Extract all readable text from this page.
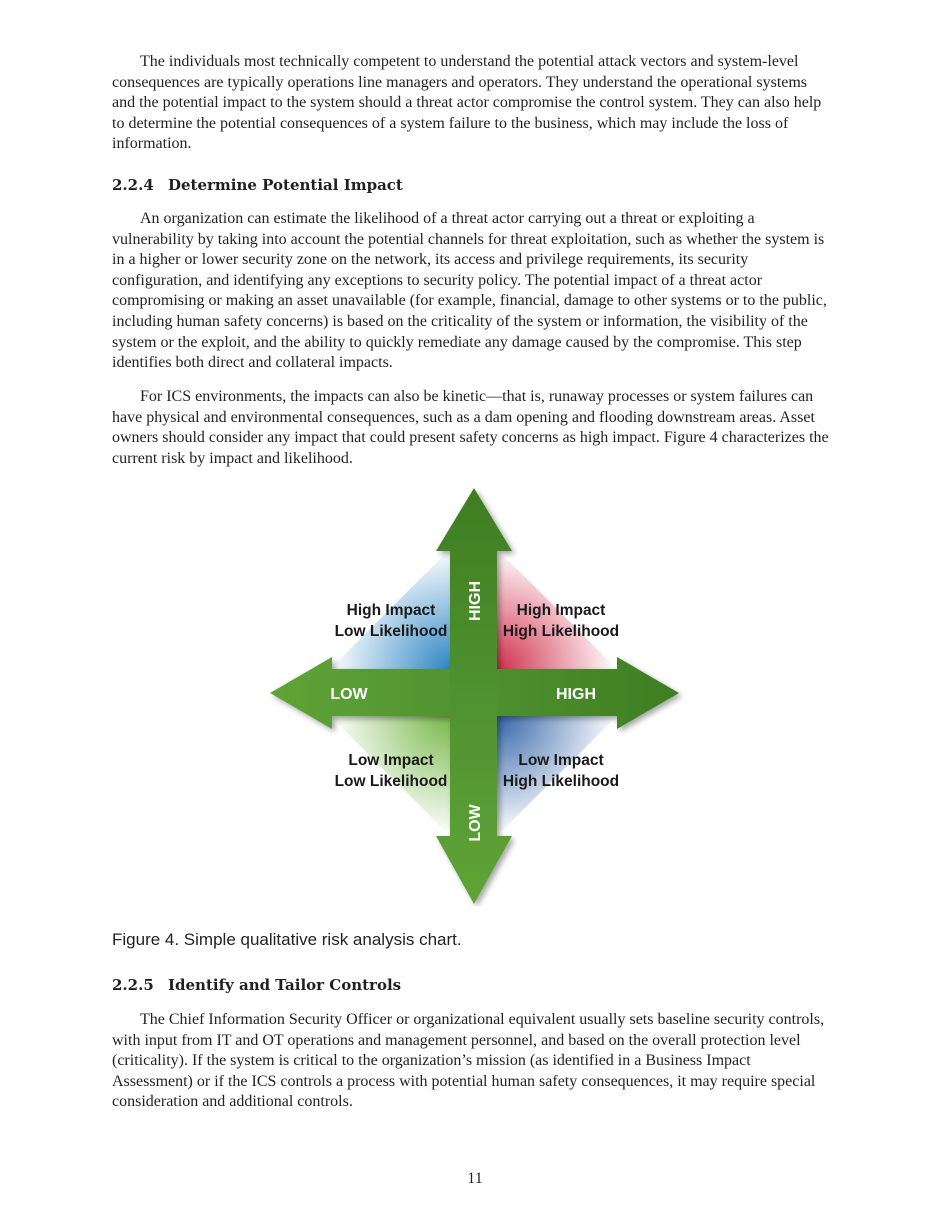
The individuals most technically competent to understand the potential attack vectors and system-level consequences are typically operations line managers and operators. They understand the operational systems and the potential impact to the system should a threat actor compromise the control system. They can also help to determine the potential consequences of a system failure to the business, which may include the loss of information.

2.2.4 Determine Potential Impact

An organization can estimate the likelihood of a threat actor carrying out a threat or exploiting a vulnerability by taking into account the potential channels for threat exploitation, such as whether the system is in a higher or lower security zone on the network, its access and privilege requirements, its security configuration, and identifying any exceptions to security policy. The potential impact of a threat actor compromising or making an asset unavailable (for example, financial, damage to other systems or to the public, including human safety concerns) is based on the criticality of the system or information, the visibility of the system or the exploit, and the ability to quickly remediate any damage caused by the compromise. This step identifies both direct and collateral impacts.

For ICS environments, the impacts can also be kinetic—that is, runaway processes or system failures can have physical and environmental consequences, such as a dam opening and flooding downstream areas. Asset owners should consider any impact that could present safety concerns as high impact. Figure 4 characterizes the current risk by impact and likelihood.

HIGH
LOW
LOW	HIGH
High Impact
Low Likelihood
High Impact
High Likelihood
Low Impact
Low Likelihood
Low Impact
High Likelihood

Figure 4. Simple qualitative risk analysis chart.

2.2.5 Identify and Tailor Controls

The Chief Information Security Officer or organizational equivalent usually sets baseline security controls, with input from IT and OT operations and management personnel, and based on the overall protection level (criticality). If the system is critical to the organization’s mission (as identified in a Business Impact Assessment) or if the ICS controls a process with potential human safety consequences, it may require special consideration and additional controls.

11
